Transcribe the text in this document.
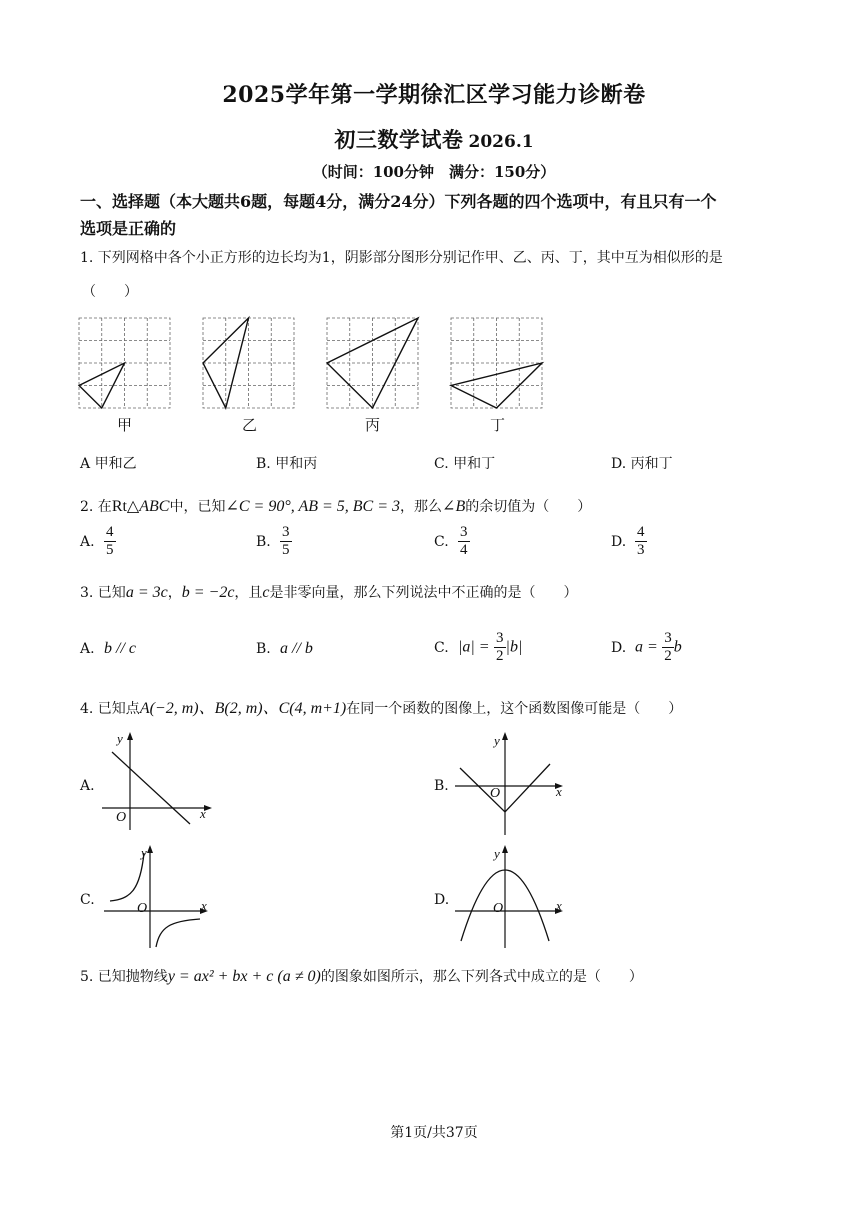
2025学年第一学期徐汇区学习能力诊断卷
初三数学试卷 2026.1
（时间：100分钟　满分：150分）
一、选择题（本大题共6题，每题4分，满分24分）下列各题的四个选项中，有且只有一个
选项是正确的
1. 下列网格中各个小正方形的边长均为1，阴影部分图形分别记作甲、乙、丙、丁，其中互为相似形的是
（　　）
甲	乙	丙	丁
A 甲和乙	B. 甲和丙	C. 甲和丁	D. 丙和丁
2. 在Rt△ABC中，已知∠C = 90°, AB = 5, BC = 3，那么∠B的余切值为（　　）
A. $\frac{4}{5}$	B. $\frac{3}{5}$	C. $\frac{3}{4}$	D. $\frac{4}{3}$
3. 已知a = 3c，b = −2c，且c是非零向量，那么下列说法中不正确的是（　　）
A. b // c	B. a // b	C. $|a| = \frac{3}{2} |b|$	D. $a = \frac{3}{2}$ b
4. 已知点A(−2, m)、B(2, m)、C(4, m+1)在同一个函数的图像上，这个函数图像可能是（　　）
A.	B.
C.	D.
y
x
O
y
x
O
y
x
O
y
x
O
5. 已知抛物线y = ax² + bx + c (a ≠ 0)的图象如图所示，那么下列各式中成立的是（　　）
第1页/共37页
